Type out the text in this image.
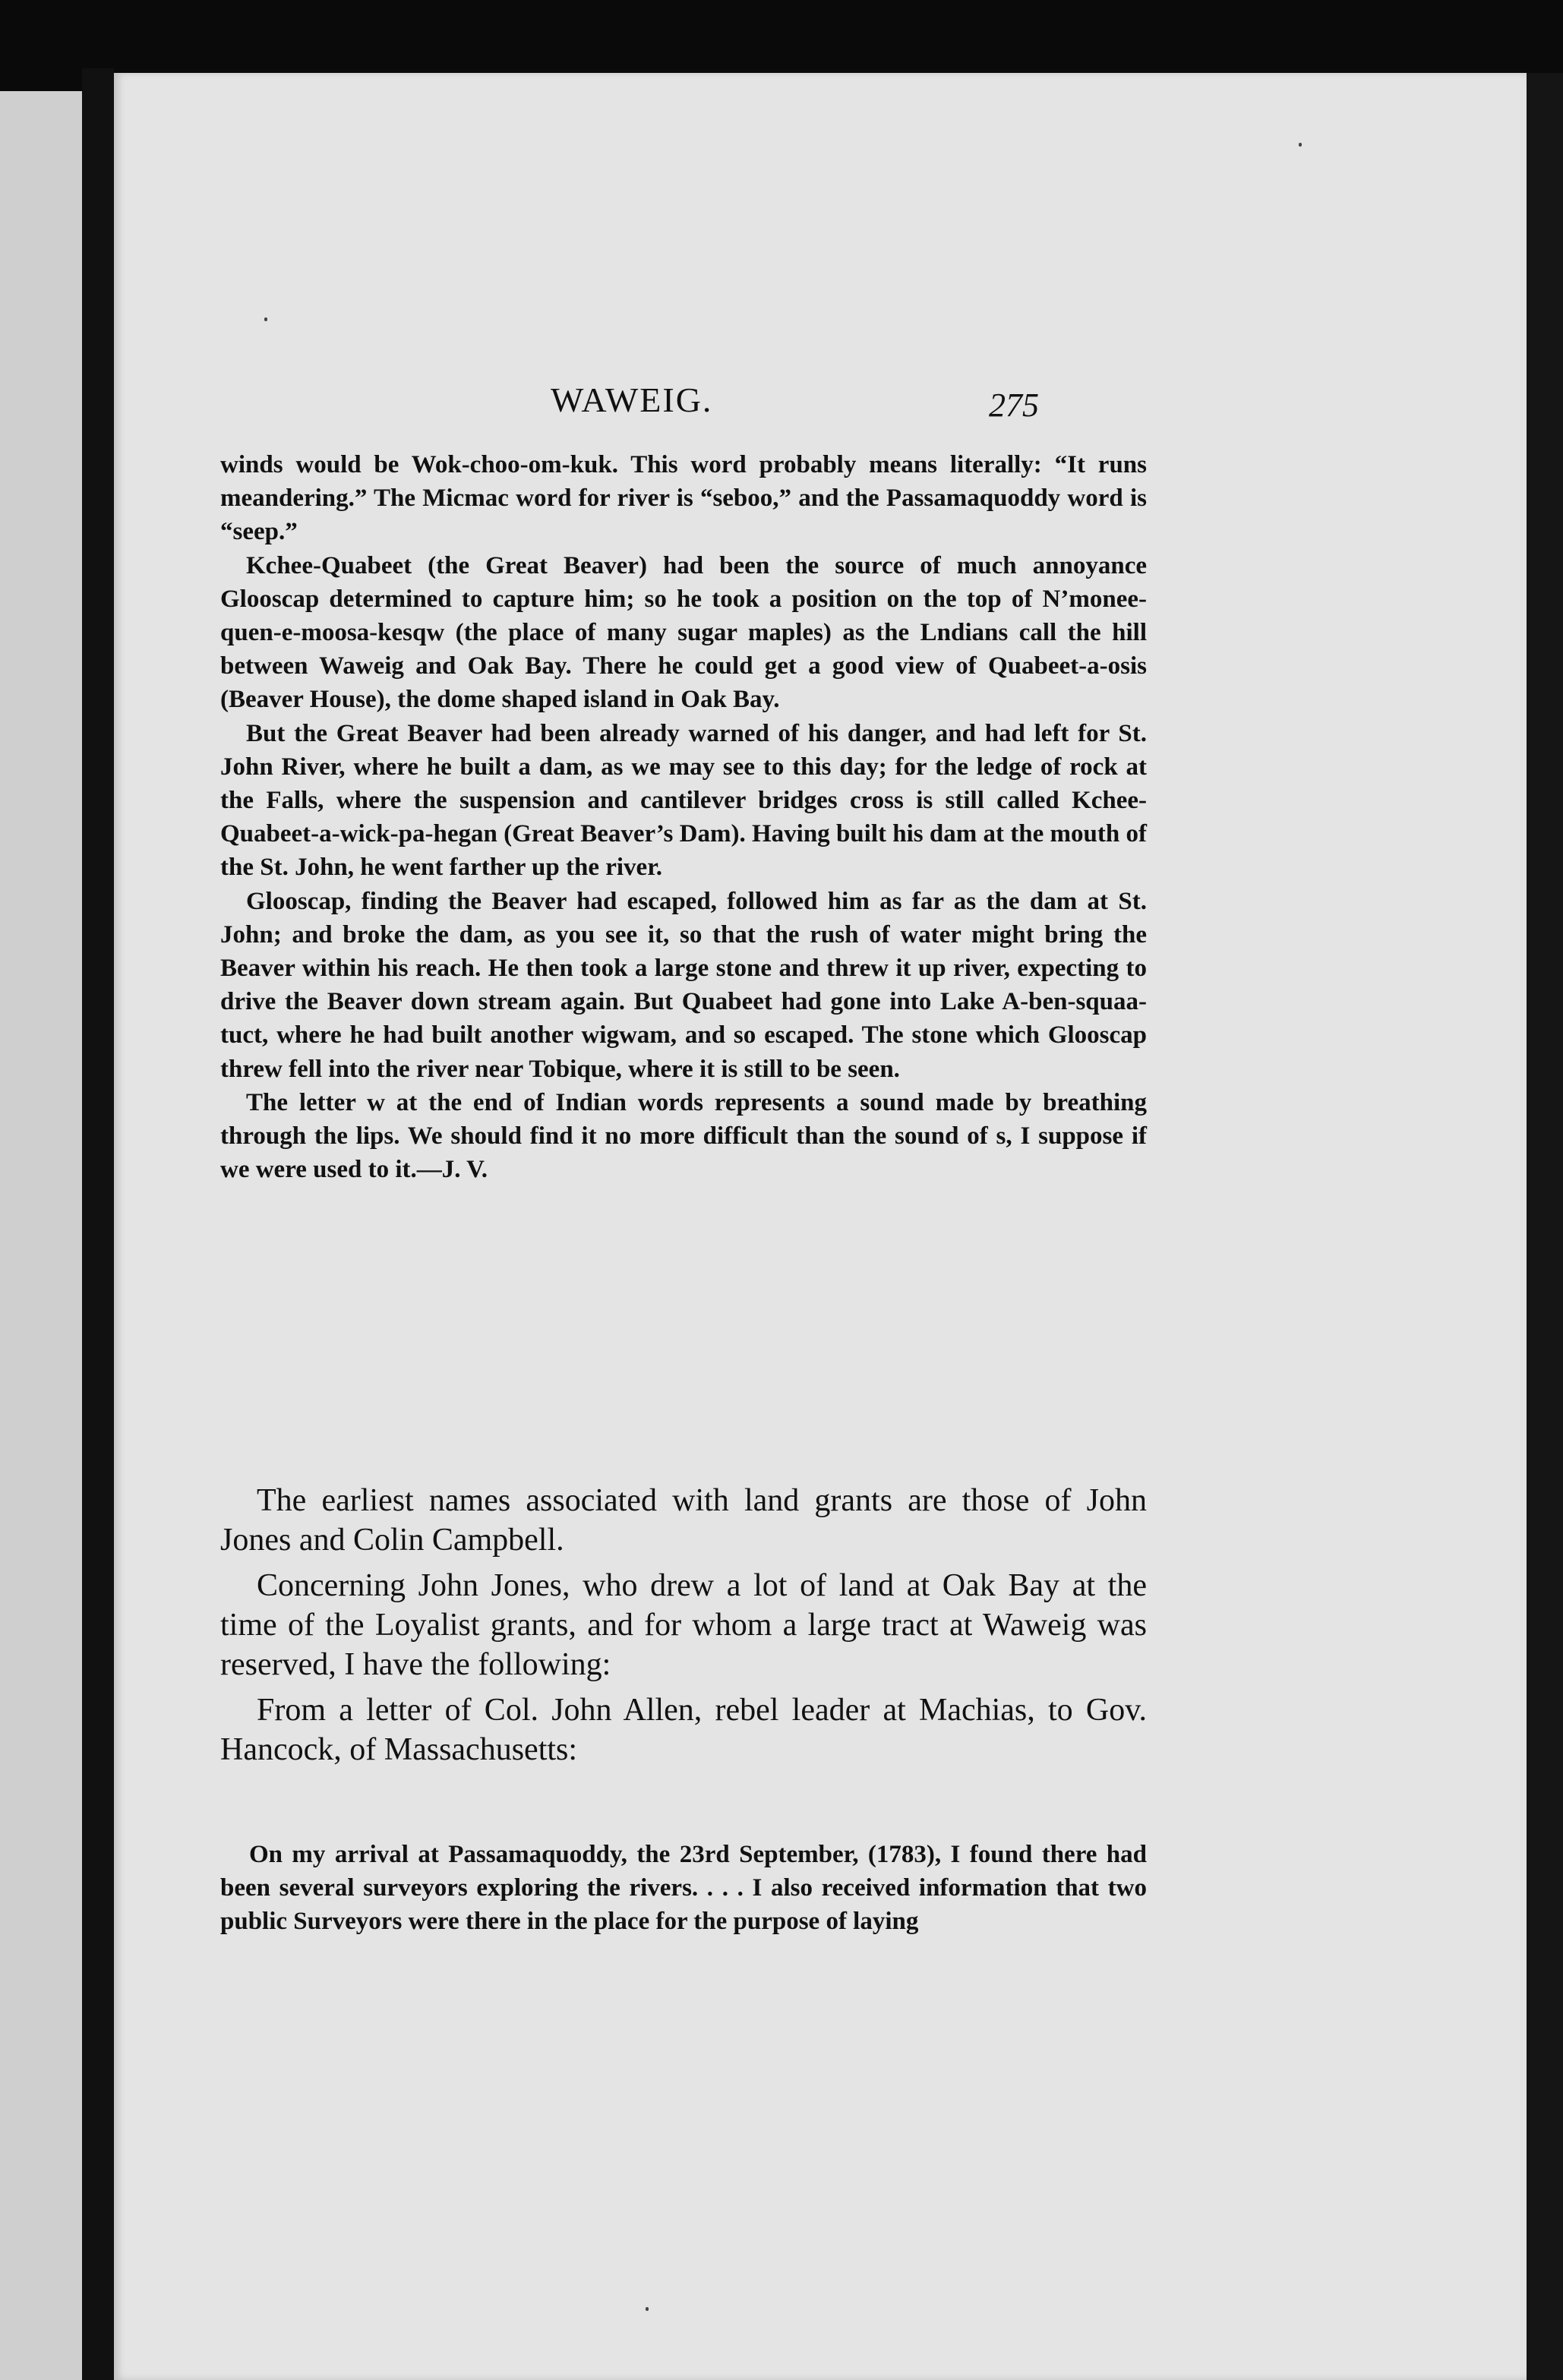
WAWEIG.	275

winds would be Wok-choo-om-kuk. This word probably means literally: “It runs meandering.” The Micmac word for river is “seboo,” and the Passamaquoddy word is “seep.”

Kchee-Quabeet (the Great Beaver) had been the source of much annoyance Glooscap determined to capture him; so he took a position on the top of N’monee-quen-e-moosa-kesqw (the place of many sugar maples) as the Lndians call the hill between Waweig and Oak Bay. There he could get a good view of Quabeet-a-osis (Beaver House), the dome shaped island in Oak Bay.

But the Great Beaver had been already warned of his danger, and had left for St. John River, where he built a dam, as we may see to this day; for the ledge of rock at the Falls, where the suspension and cantilever bridges cross is still called Kchee-Quabeet-a-wick-pa-hegan (Great Beaver’s Dam). Having built his dam at the mouth of the St. John, he went farther up the river.

Glooscap, finding the Beaver had escaped, followed him as far as the dam at St. John; and broke the dam, as you see it, so that the rush of water might bring the Beaver within his reach. He then took a large stone and threw it up river, expecting to drive the Beaver down stream again. But Quabeet had gone into Lake A-ben-squaa-tuct, where he had built another wigwam, and so escaped. The stone which Glooscap threw fell into the river near Tobique, where it is still to be seen.

The letter w at the end of Indian words represents a sound made by breathing through the lips. We should find it no more difficult than the sound of s, I suppose if we were used to it.—J. V.

The earliest names associated with land grants are those of John Jones and Colin Campbell.

Concerning John Jones, who drew a lot of land at Oak Bay at the time of the Loyalist grants, and for whom a large tract at Waweig was reserved, I have the following:

From a letter of Col. John Allen, rebel leader at Machias, to Gov. Hancock, of Massachusetts:

On my arrival at Passamaquoddy, the 23rd September, (1783), I found there had been several surveyors exploring the rivers. . . . I also received information that two public Surveyors were there in the place for the purpose of laying
